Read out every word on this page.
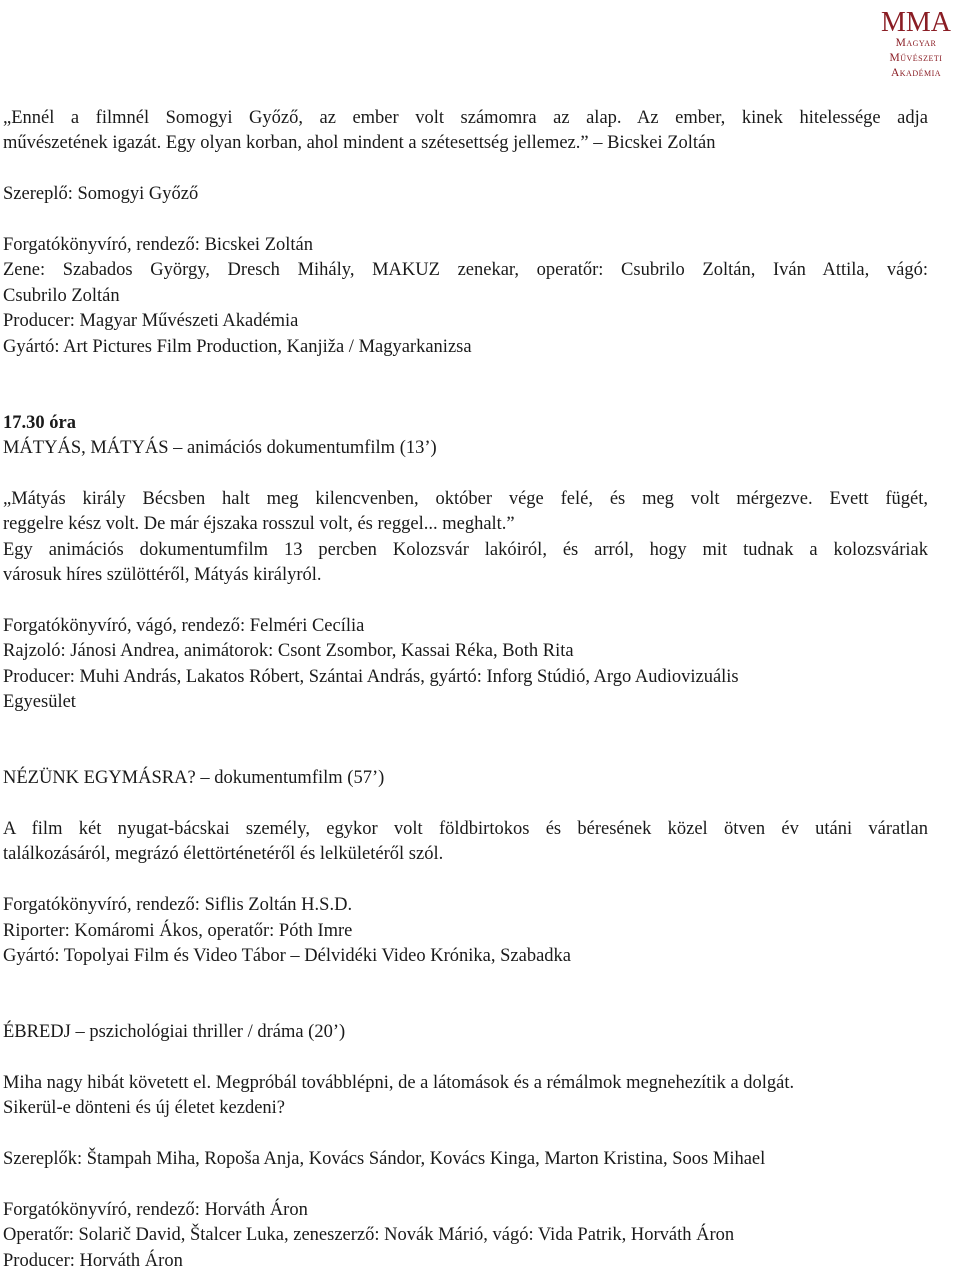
MMA
Magyar
Művészeti
Akadémia
„Ennél a filmnél Somogyi Győző, az ember volt számomra az alap. Az ember, kinek hitelessége adja
művészetének igazát. Egy olyan korban, ahol mindent a szétesettség jellemez.” – Bicskei Zoltán
Szereplő: Somogyi Győző
Forgatókönyvíró, rendező: Bicskei Zoltán
Zene: Szabados György, Dresch Mihály, MAKUZ zenekar, operatőr: Csubrilo Zoltán, Iván Attila, vágó:
Csubrilo Zoltán
Producer: Magyar Művészeti Akadémia
Gyártó: Art Pictures Film Production, Kanjiža / Magyarkanizsa
17.30 óra
MÁTYÁS, MÁTYÁS – animációs dokumentumfilm (13’)
„Mátyás király Bécsben halt meg kilencvenben, október vége felé, és meg volt mérgezve. Evett fügét,
reggelre kész volt. De már éjszaka rosszul volt, és reggel... meghalt.”
Egy animációs dokumentumfilm 13 percben Kolozsvár lakóiról, és arról, hogy mit tudnak a kolozsváriak
városuk híres szülöttéről, Mátyás királyról.
Forgatókönyvíró, vágó, rendező: Felméri Cecília
Rajzoló: Jánosi Andrea, animátorok: Csont Zsombor, Kassai Réka, Both Rita
Producer: Muhi András, Lakatos Róbert, Szántai András, gyártó: Inforg Stúdió, Argo Audiovizuális
Egyesület
NÉZÜNK EGYMÁSRA? – dokumentumfilm (57’)
A film két nyugat-bácskai személy, egykor volt földbirtokos és béresének közel ötven év utáni váratlan
találkozásáról, megrázó élettörténetéről és lelkületéről szól.
Forgatókönyvíró, rendező: Siflis Zoltán H.S.D.
Riporter: Komáromi Ákos, operatőr: Póth Imre
Gyártó: Topolyai Film és Video Tábor – Délvidéki Video Krónika, Szabadka
ÉBREDJ – pszichológiai thriller / dráma (20’)
Miha nagy hibát követett el. Megpróbál továbblépni, de a látomások és a rémálmok megnehezítik a dolgát.
Sikerül-e dönteni és új életet kezdeni?
Szereplők: Štampah Miha, Ropoša Anja, Kovács Sándor, Kovács Kinga, Marton Kristina, Soos Mihael
Forgatókönyvíró, rendező: Horváth Áron
Operatőr: Solarič David, Štalcer Luka, zeneszerző: Novák Márió, vágó: Vida Patrik, Horváth Áron
Producer: Horváth Áron
